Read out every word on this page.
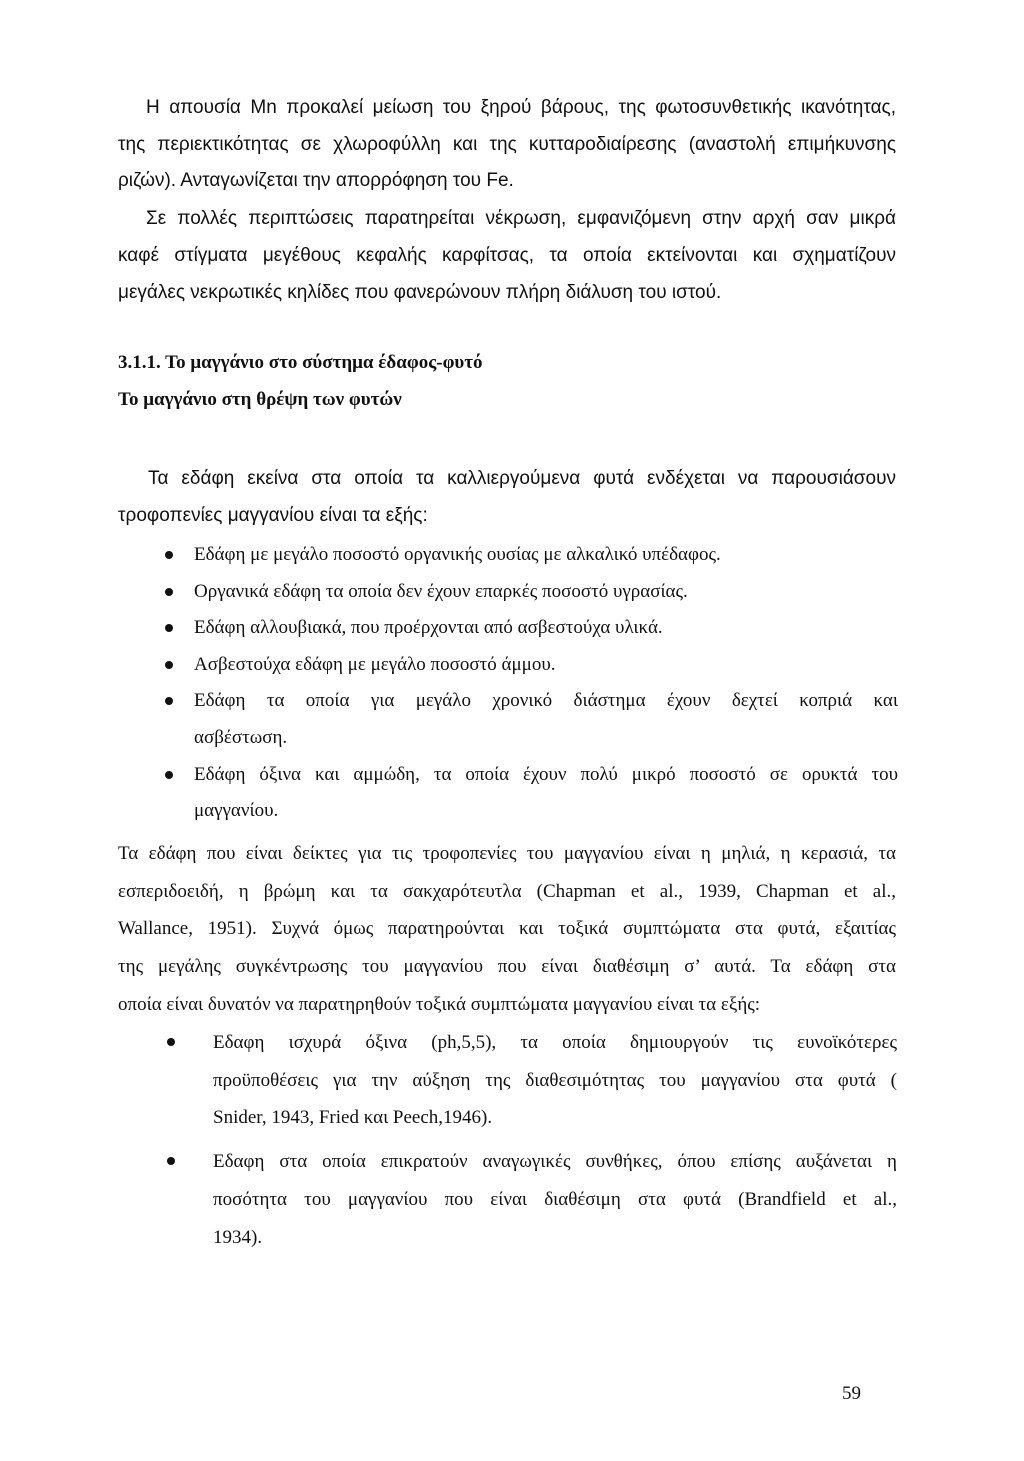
Η απουσία Mn προκαλεί μείωση του ξηρού βάρους, της φωτοσυνθετικής ικανότητας,
της περιεκτικότητας σε χλωροφύλλη και της κυτταροδιαίρεσης (αναστολή επιμήκυνσης
ριζών). Ανταγωνίζεται την απορρόφηση του Fe.
Σε πολλές περιπτώσεις παρατηρείται νέκρωση, εμφανιζόμενη στην αρχή σαν μικρά
καφέ στίγματα μεγέθους κεφαλής καρφίτσας, τα οποία εκτείνονται και σχηματίζουν
μεγάλες νεκρωτικές κηλίδες που φανερώνουν πλήρη διάλυση του ιστού.
3.1.1. Το μαγγάνιο στο σύστημα έδαφος-φυτό
Το μαγγάνιο στη θρέψη των φυτών
Τα εδάφη εκείνα στα οποία τα καλλιεργούμενα φυτά ενδέχεται να παρουσιάσουν
τροφοπενίες μαγγανίου είναι τα εξής:
Εδάφη με μεγάλο ποσοστό οργανικής ουσίας με αλκαλικό υπέδαφος.
Οργανικά εδάφη τα οποία δεν έχουν επαρκές ποσοστό υγρασίας.
Εδάφη αλλουβιακά, που προέρχονται από ασβεστούχα υλικά.
Ασβεστούχα εδάφη με μεγάλο ποσοστό άμμου.
Εδάφη τα οποία για μεγάλο χρονικό διάστημα έχουν δεχτεί κοπριά και
ασβέστωση.
Εδάφη όξινα και αμμώδη, τα οποία έχουν πολύ μικρό ποσοστό σε ορυκτά του
μαγγανίου.
Τα εδάφη που είναι δείκτες για τις τροφοπενίες του μαγγανίου είναι η μηλιά, η κερασιά, τα
εσπεριδοειδή, η βρώμη και τα σακχαρότευτλα (Chapman et al., 1939, Chapman et al.,
Wallance, 1951). Συχνά όμως παρατηρούνται και τοξικά συμπτώματα στα φυτά, εξαιτίας
της μεγάλης συγκέντρωσης του μαγγανίου που είναι διαθέσιμη σ’ αυτά. Τα εδάφη στα
οποία είναι δυνατόν να παρατηρηθούν τοξικά συμπτώματα μαγγανίου είναι τα εξής:
Εδαφη ισχυρά όξινα (ph,5,5), τα οποία δημιουργούν τις ευνοϊκότερες
προϋποθέσεις για την αύξηση της διαθεσιμότητας του μαγγανίου στα φυτά (
Snider, 1943, Fried και Peech,1946).
Εδαφη στα οποία επικρατούν αναγωγικές συνθήκες, όπου επίσης αυξάνεται η
ποσότητα του μαγγανίου που είναι διαθέσιμη στα φυτά (Brandfield et al.,
1934).
59
